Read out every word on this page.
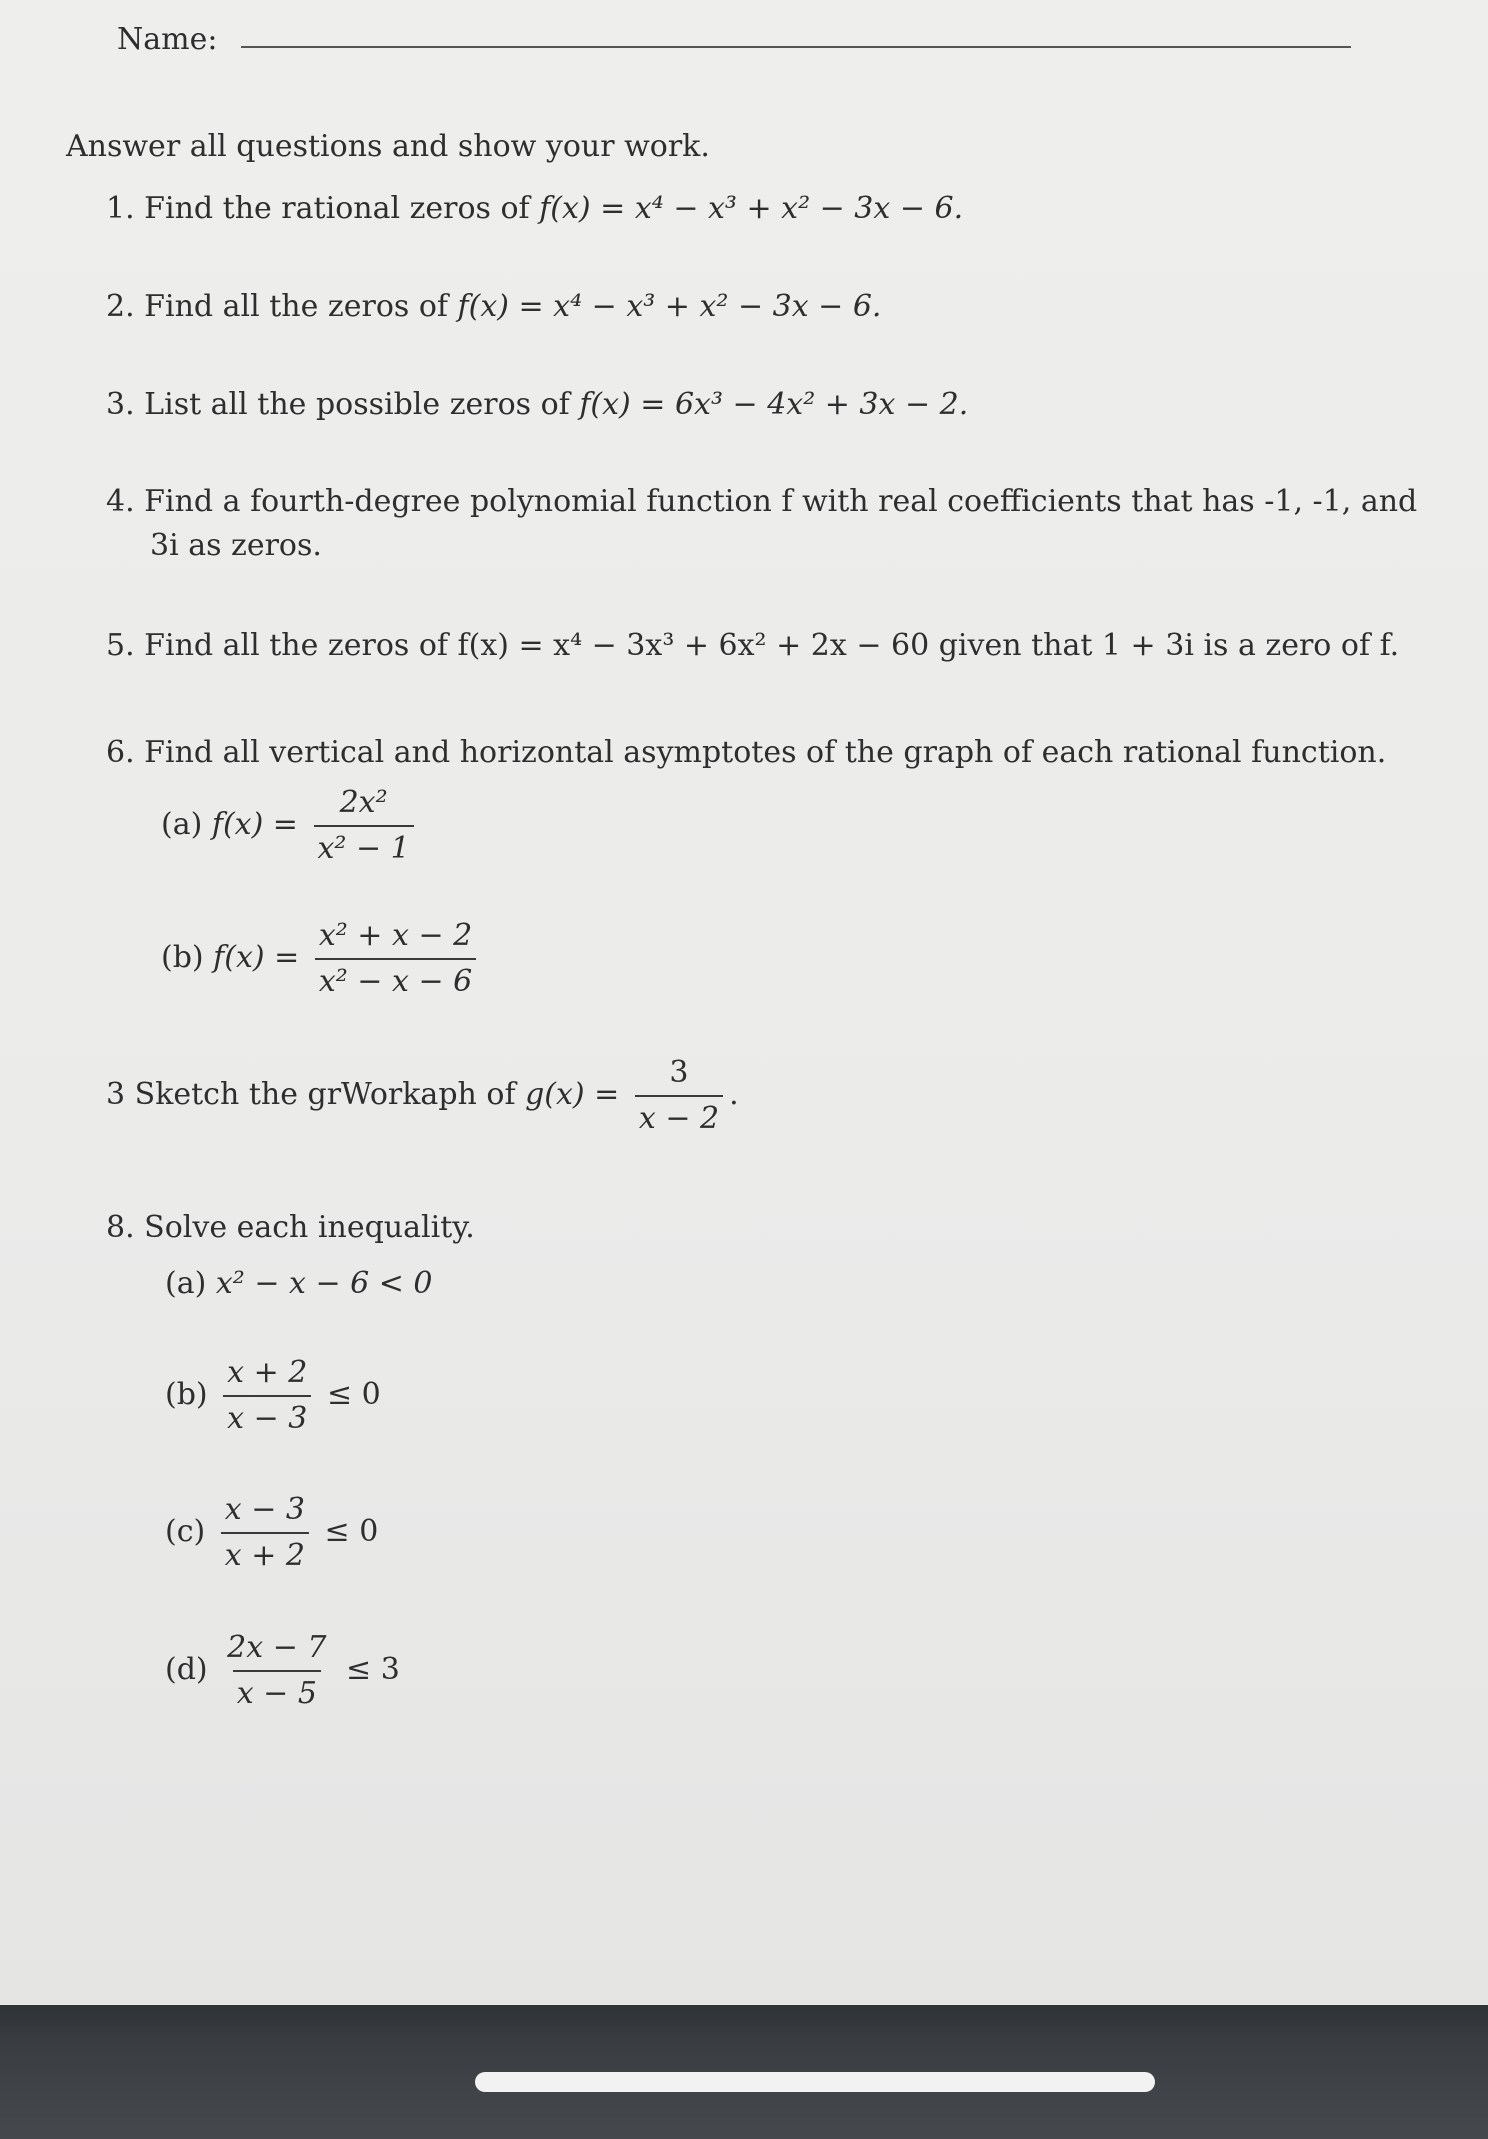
Name:
Answer all questions and show your work.
1. Find the rational zeros of f(x) = x⁴ − x³ + x² − 3x − 6.
2. Find all the zeros of f(x) = x⁴ − x³ + x² − 3x − 6.
3. List all the possible zeros of f(x) = 6x³ − 4x² + 3x − 2.
4. Find a fourth-degree polynomial function f with real coefficients that has -1, -1, and
3i as zeros.
5. Find all the zeros of f(x) = x⁴ − 3x³ + 6x² + 2x − 60 given that 1 + 3i is a zero of f.
6. Find all vertical and horizontal asymptotes of the graph of each rational function.
(a) $f(x) = \frac{\text{2x²}}{\text{x² − 1}}$
(b) $f(x) = \frac{\text{x² + x − 2}}{\text{x² − x − 6}}$
3 Sketch the grWorkaph of $g(x) = \frac{3}{x - 2}$ .
8. Solve each inequality.
(a) x² − x − 6 < 0
$(b) \frac{x + 2}{x - 3} \le 0$
$(c) \frac{x - 3}{x + 2} \le 0$
$(d) \frac{2x - 7}{x - 5} \le 3$
